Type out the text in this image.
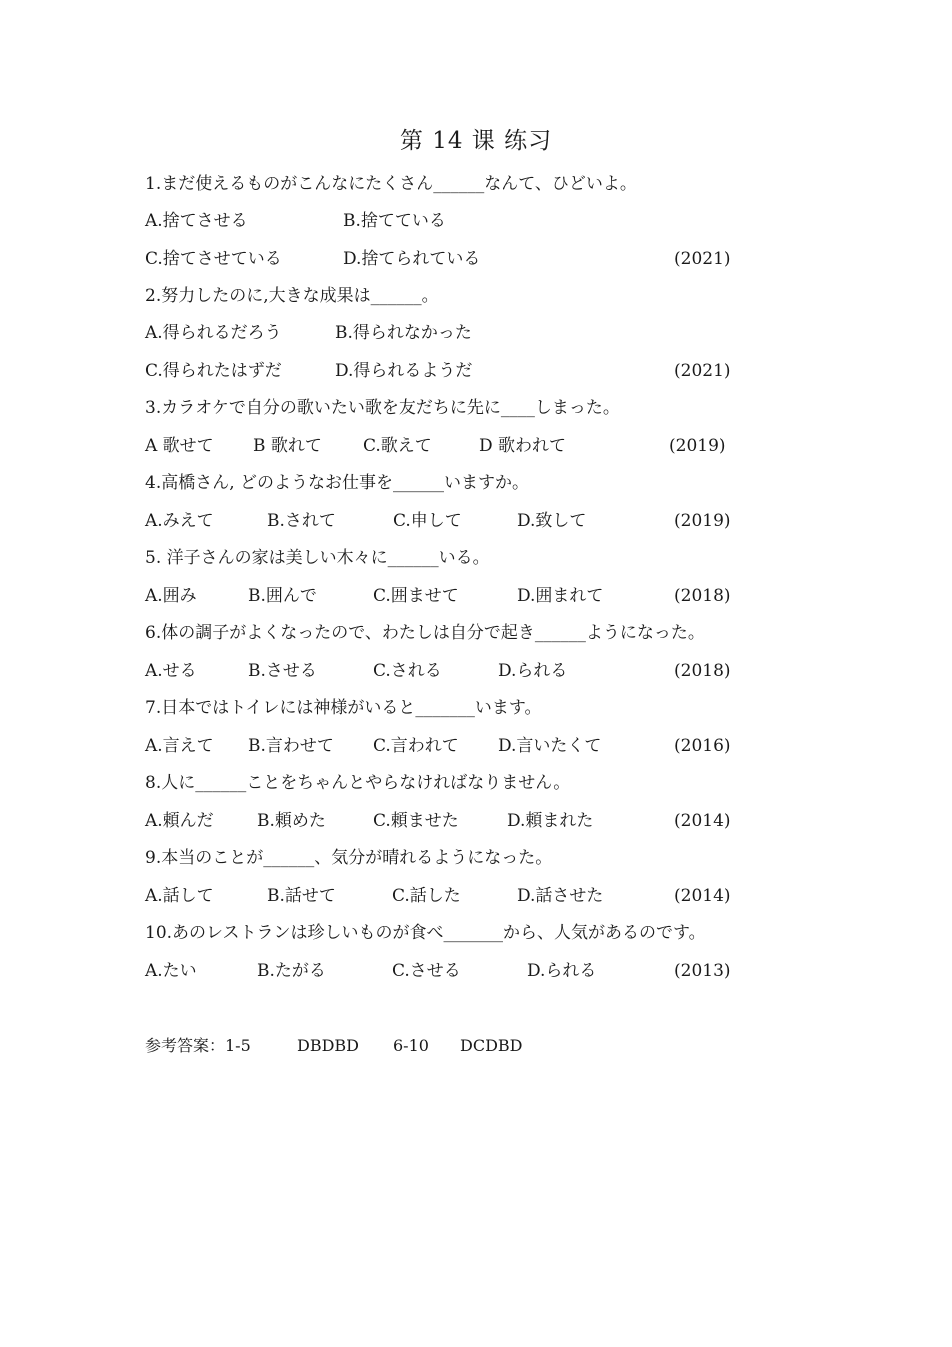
第 14 课 练习
1.まだ使えるものがこんなにたくさん______なんて、ひどいよ。
A.捨てさせる	B.捨てている
C.捨てさせている	D.捨てられている	(2021)
2.努力したのに,大きな成果は______。
A.得られるだろう	B.得られなかった
C.得られたはずだ	D.得られるようだ	(2021)
3.カラオケで自分の歌いたい歌を友だちに先に____しまった。
A 歌せて B 歌れて C.歌えて	D 歌われて	(2019)
4.高橋さん, どのようなお仕事を______いますか。
A.みえて	B.されて	C.申して	D.致して	(2019)
5. 洋子さんの家は美しい木々に______いる。
A.囲み	B.囲んで	C.囲ませて	D.囲まれて	(2018)
6.体の調子がよくなったので、わたしは自分で起き______ようになった。
A.せる	B.させる	C.される	D.られる	(2018)
7.日本ではトイレには神様がいると_______います。
A.言えて B.言わせて C.言われて D.言いたくて	(2016)
8.人に______ことをちゃんとやらなければなりません。
A.頼んだ	B.頼めた	C.頼ませた	D.頼まれた	(2014)
9.本当のことが______、気分が晴れるようになった。
A.話して	B.話せて	C.話した	D.話させた	(2014)
10.あのレストランは珍しいものが食べ_______から、人気があるのです。
A.たい	B.たがる	C.させる	D.られる	(2013)
参考答案：1-5	DBDBD 6-10 DCDBD
